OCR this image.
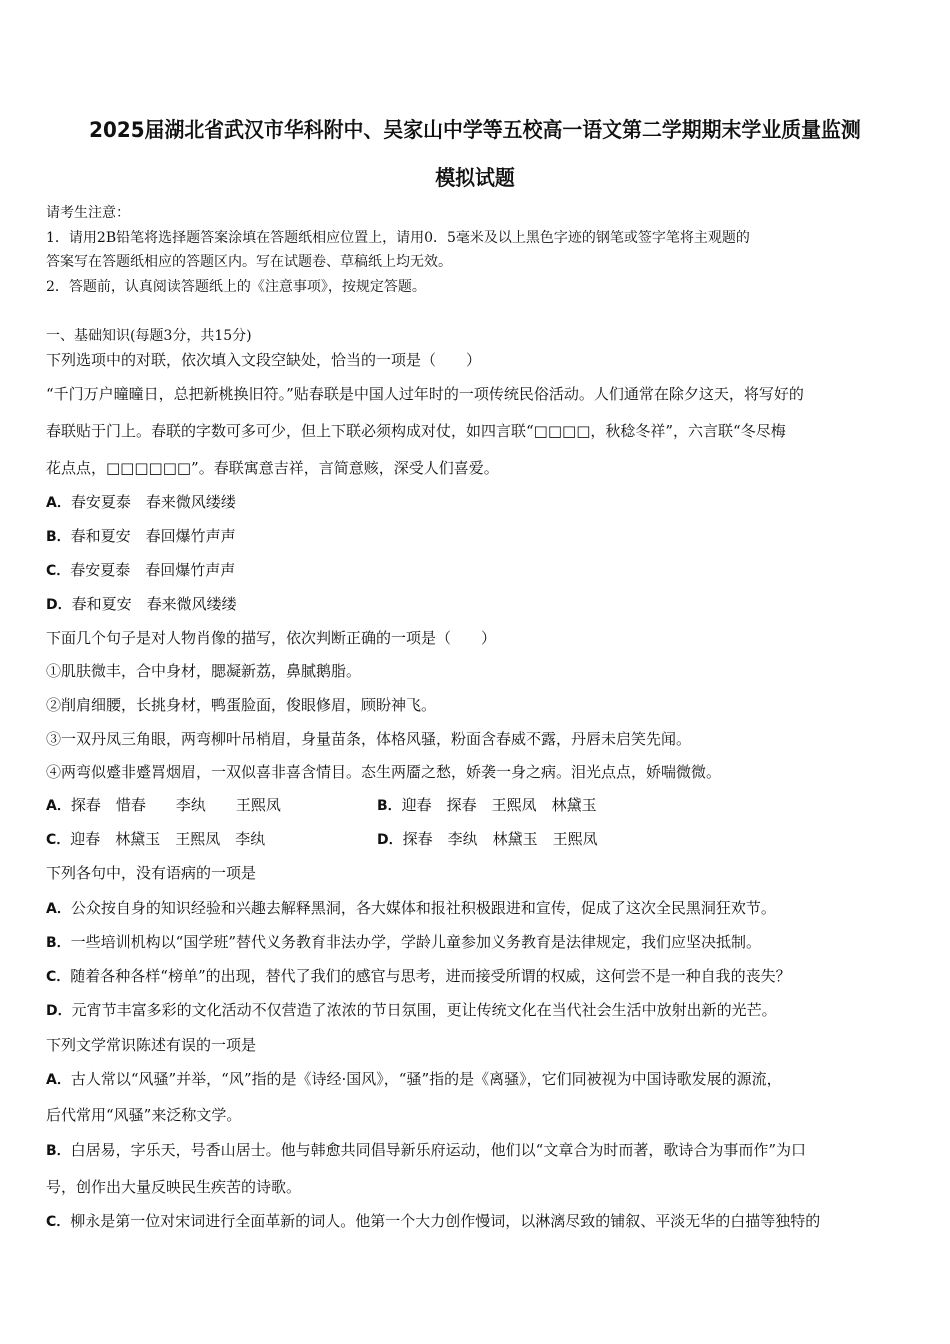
2025届湖北省武汉市华科附中、吴家山中学等五校高一语文第二学期期末学业质量监测
模拟试题
请考生注意：
1．请用2B铅笔将选择题答案涂填在答题纸相应位置上，请用0．5毫米及以上黑色字迹的钢笔或签字笔将主观题的
答案写在答题纸相应的答题区内。写在试题卷、草稿纸上均无效。
2．答题前，认真阅读答题纸上的《注意事项》，按规定答题。
一、基础知识(每题3分，共15分)
下列选项中的对联，依次填入文段空缺处，恰当的一项是（　　）
“千门万户曈曈日，总把新桃换旧符。”贴春联是中国人过年时的一项传统民俗活动。人们通常在除夕这天，将写好的
春联贴于门上。春联的字数可多可少，但上下联必须构成对仗，如四言联“□□□□，秋稔冬祥”，六言联“冬尽梅
花点点，□□□□□□”。春联寓意吉祥，言简意赅，深受人们喜爱。
A．春安夏泰　春来微风缕缕
B．春和夏安　春回爆竹声声
C．春安夏泰　春回爆竹声声
D．春和夏安　春来微风缕缕
下面几个句子是对人物肖像的描写，依次判断正确的一项是（　　）
①肌肤微丰，合中身材，腮凝新荔，鼻腻鹅脂。
②削肩细腰，长挑身材，鸭蛋脸面，俊眼修眉，顾盼神飞。
③一双丹凤三角眼，两弯柳叶吊梢眉，身量苗条，体格风骚，粉面含春威不露，丹唇未启笑先闻。
④两弯似蹙非蹙罥烟眉，一双似喜非喜含情目。态生两靥之愁，娇袭一身之病。泪光点点，娇喘微微。
A．探春　惜春　　李纨　　王熙凤	B．迎春　探春　王熙凤　林黛玉
C．迎春　林黛玉　王熙凤　李纨	D．探春　李纨　林黛玉　王熙凤
下列各句中，没有语病的一项是
A．公众按自身的知识经验和兴趣去解释黑洞，各大媒体和报社积极跟进和宣传，促成了这次全民黑洞狂欢节。
B．一些培训机构以“国学班”替代义务教育非法办学，学龄儿童参加义务教育是法律规定，我们应坚决抵制。
C．随着各种各样“榜单”的出现，替代了我们的感官与思考，进而接受所谓的权威，这何尝不是一种自我的丧失？
D．元宵节丰富多彩的文化活动不仅营造了浓浓的节日氛围，更让传统文化在当代社会生活中放射出新的光芒。
下列文学常识陈述有误的一项是
A．古人常以“风骚”并举，“风”指的是《诗经·国风》，“骚”指的是《离骚》，它们同被视为中国诗歌发展的源流，
后代常用“风骚”来泛称文学。
B．白居易，字乐天，号香山居士。他与韩愈共同倡导新乐府运动，他们以“文章合为时而著，歌诗合为事而作”为口
号，创作出大量反映民生疾苦的诗歌。
C．柳永是第一位对宋词进行全面革新的词人。他第一个大力创作慢词，以淋漓尽致的铺叙、平淡无华的白描等独特的
